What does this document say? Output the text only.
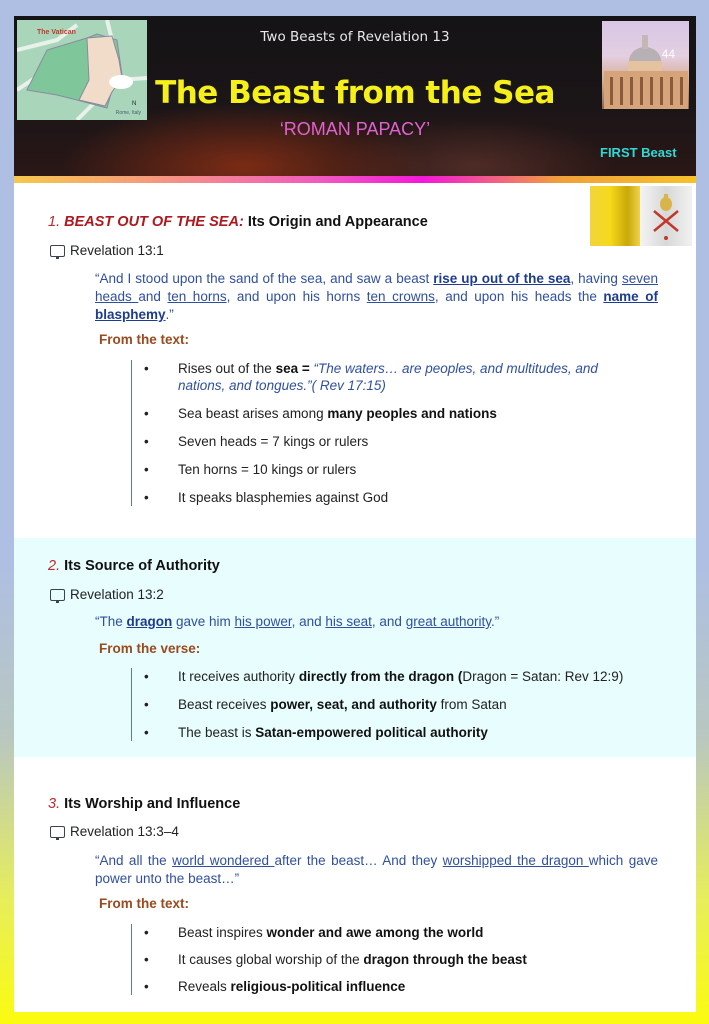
N
The Vatican
Rome, Italy
Two Beasts of Revelation 13
The Beast from the Sea
‘ROMAN PAPACY’
44
FIRST Beast
1. BEAST OUT OF THE SEA: Its Origin and Appearance
Revelation 13:1
“And I stood upon the sand of the sea, and saw a beast rise up out of the sea, having seven heads and ten horns, and upon his horns ten crowns, and upon his heads the name of blasphemy.”
From the text:
• Rises out of the sea = “The waters… are peoples, and multitudes, and nations, and tongues.”( Rev 17:15)
• Sea beast arises among many peoples and nations
• Seven heads = 7 kings or rulers
• Ten horns = 10 kings or rulers
• It speaks blasphemies against God
2. Its Source of Authority
Revelation 13:2
“The dragon gave him his power, and his seat, and great authority.”
From the verse:
• It receives authority directly from the dragon (Dragon = Satan: Rev 12:9)
• Beast receives power, seat, and authority from Satan
• The beast is Satan-empowered political authority
3. Its Worship and Influence
Revelation 13:3–4
“And all the world wondered after the beast… And they worshipped the dragon which gave power unto the beast…”
From the text:
• Beast inspires wonder and awe among the world
• It causes global worship of the dragon through the beast
• Reveals religious-political influence
